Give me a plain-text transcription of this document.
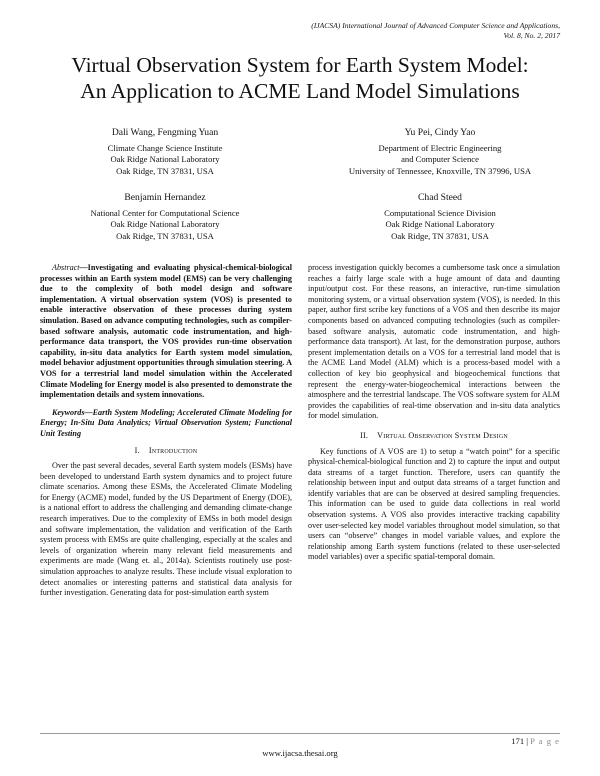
(IJACSA) International Journal of Advanced Computer Science and Applications,
Vol. 8, No. 2, 2017
Virtual Observation System for Earth System Model:
An Application to ACME Land Model Simulations
Dali Wang, Fengming Yuan
Climate Change Science Institute
Oak Ridge National Laboratory
Oak Ridge, TN 37831, USA
Yu Pei, Cindy Yao
Department of Electric Engineering
and Computer Science
University of Tennessee, Knoxville, TN 37996, USA
Benjamin Hernandez
National Center for Computational Science
Oak Ridge National Laboratory
Oak Ridge, TN 37831, USA
Chad Steed
Computational Science Division
Oak Ridge National Laboratory
Oak Ridge, TN 37831, USA

Abstract—Investigating and evaluating physical-chemical-biological processes within an Earth system model (EMS) can be very challenging due to the complexity of both model design and software implementation. A virtual observation system (VOS) is presented to enable interactive observation of these processes during system simulation. Based on advance computing technologies, such as compiler-based software analysis, automatic code instrumentation, and high-performance data transport, the VOS provides run-time observation capability, in-situ data analytics for Earth system model simulation, model behavior adjustment opportunities through simulation steering. A VOS for a terrestrial land model simulation within the Accelerated Climate Modeling for Energy model is also presented to demonstrate the implementation details and system innovations.

Keywords—Earth System Modeling; Accelerated Climate Modeling for Energy; In-Situ Data Analytics; Virtual Observation System; Functional Unit Testing

I. Introduction

Over the past several decades, several Earth system models (ESMs) have been developed to understand Earth system dynamics and to project future climate scenarios. Among these ESMs, the Accelerated Climate Modeling for Energy (ACME) model, funded by the US Department of Energy (DOE), is a national effort to address the challenging and demanding climate-change research imperatives. Due to the complexity of EMSs in both model design and software implementation, the validation and verification of the Earth system process with EMSs are quite challenging, especially at the scales and levels of organization wherein many relevant field measurements and experiments are made (Wang et. al., 2014a). Scientists routinely use post-simulation approaches to analyze results. These include visual exploration to detect anomalies or interesting patterns and statistical data analysis for further investigation. Generating data for post-simulation earth system

process investigation quickly becomes a cumbersome task once a simulation reaches a fairly large scale with a huge amount of data and daunting input/output cost. For these reasons, an interactive, run-time simulation monitoring system, or a virtual observation system (VOS), is needed. In this paper, author first scribe key functions of a VOS and then describe its major components based on advanced computing technologies (such as compiler-based software analysis, automatic code instrumentation, and high-performance data transport). At last, for the demonstration purpose, authors present implementation details on a VOS for a terrestrial land model that is the ACME Land Model (ALM) which is a process-based model with a collection of key bio geophysical and biogeochemical functions that represent the energy-water-biogeochemical interactions between the atmosphere and the terrestrial landscape. The VOS software system for ALM provides the capabilities of real-time observation and in-situ data analytics for model simulation.

II. Virtual Observation System Design

Key functions of A VOS are 1) to setup a “watch point” for a specific physical-chemical-biological function and 2) to capture the input and output data streams of a target function. Therefore, users can quantify the relationship between input and output data streams of a target function and identify variables that are can be observed at desired sampling frequencies. This information can be used to guide data collections in real world observation systems. A VOS also provides interactive tracking capability over user-selected key model variables throughout model simulation, so that users can “observe” changes in model variable values, and explore the relationship among Earth system functions (related to these user-selected model variables) over a specific spatial-temporal domain.

171 | P a g e
www.ijacsa.thesai.org
